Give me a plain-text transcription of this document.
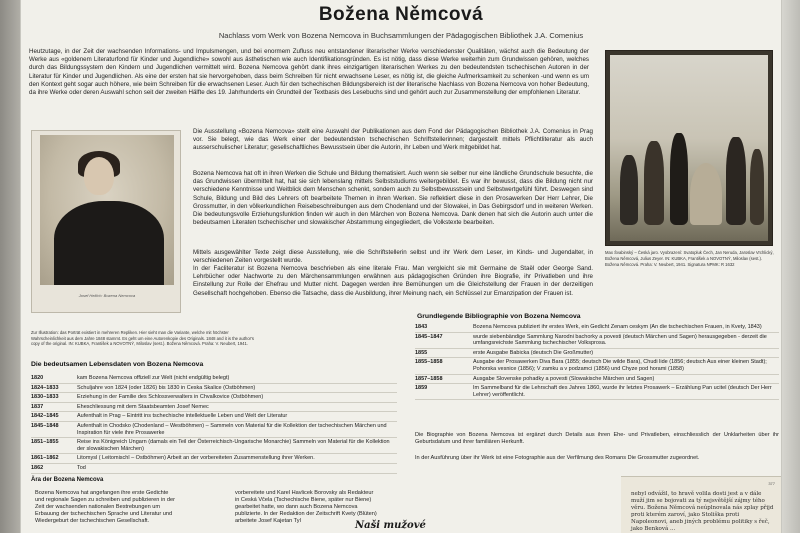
Božena Němcová
Nachlass vom Werk von Bozena Nemcova in Buchsammlungen der Pädagogischen Bibliothek J.A. Comenius
Heutzutage, in der Zeit der wachsenden Informations- und Impulsmengen, und bei enormem Zufluss neu entstandener literarischer Werke verschiedenster Qualitäten, wächst auch die Bedeutung der Werke aus «goldenem Literaturfond für Kinder und Jugendliche» sowohl aus ästhetischen wie auch Identifikationsgründen. Es ist nötig, dass diese Werke weiterhin zum Grundwissen gehören, welches durch das Bildungssystem den Kindern und Jugendlichen vermittelt wird. Bozena Nemcova gehört dank ihres einzigartigen literarischen Werkes zu den bedeutendsten tschechischen Autoren in der Literatur für Kinder und Jugendlichen. Als eine der ersten hat sie hervorgehoben, dass beim Schreiben für nicht erwachsene Leser, es nötig ist, die gleiche Aufmerksamkeit zu schenken -und wenn es um den Kontext geht sogar auch höhere, wie beim Schreiben für die erwachsenen Leser. Auch für den tschechischen Bildungsbereich ist der literarische Nachlass von Bozena Nemcova von hoher Bedeutung, da ihre Werke oder deren Auswahl schon seit der zweiten Hälfte des 19. Jahrhunderts ein Grundteil der Textbasis des Lesebuchs sind und gehört auch zur Zusammenstellung der empfohlenen Literatur.
Josef Hellich: Bozena Nemcova
Die Ausstellung «Bozena Nemcova» stellt eine Auswahl der Publikationen aus dem Fond der Pädagogischen Bibliothek J.A. Comenius in Prag vor. Sie belegt, wie das Werk einer der bedeutendsten tschechischen Schriftstellerinnen; dargestellt mittels Pflichtliteratur als auch ausserschulischer Literatur; gesellschaftliches Bewusstsein über die Autorin, ihr Leben und Werk mitgebildet hat.
Bozena Nemcova hat oft in ihren Werken die Schule und Bildung thematisiert. Auch wenn sie selber nur eine ländliche Grundschule besuchte, die das Grundwissen übermittelt hat, hat sie sich lebenslang mittels Selbststudiums weitergebildet. Es war ihr bewusst, dass die Bildung nicht nur verschiedene Kenntnisse und Weitblick dem Menschen schenkt, sondern auch zu Selbstbewusstsein und Selbstwertgefühl führt. Deswegen sind Schule, Bildung und Bild des Lehrers oft bearbeitete Themen in ihren Werken. Sie reflektiert diese in den Prosawerken Der Herr Lehrer, Die Grossmutter, in den völkerkundlichen Reisebeschreibungen aus dem Chodenland und der Slowakei, in Das Gebirgsdorf und in weiteren Werken. Die bedeutungsvolle Erziehungsfunktion finden wir auch in den Märchen von Bozena Nemcova. Dank denen hat sich die Autorin auch unter die bedeutsamen Literaten tschechischer und slowakischer Abstammung eingegliedert, die Volkstexte bearbeiten.
Mittels ausgewählter Texte zeigt diese Ausstellung, wie die Schriftstellerin selbst und ihr Werk dem Leser, im Kinds- und Jugendalter, in verschiedenen Zeiten vorgestellt wurde.
In der Facliteratur ist Bozena Nemcova beschrieben als eine literale Frau. Man vergleicht sie mit Germaine de Staël oder George Sand. Lehrbücher oder Nachworte zu den Märchensammlungen erwähnen aus pädagogischen Gründen ihre Biografie, ihr Privatleben und ihre Einstellung zur Rolle der Ehefrau und Mutter nicht. Dagegen werden ihre Bemühungen um die Gleichstellung der Frauen in der derzeitigen Gesellschaft hochgehoben. Ebenso die Tatsache, dass die Ausbildung, ihrer Meinung nach, ein Schlüssel zur Emanzipation der Frauen ist.
Max Švabinský – Česká jaro. Vyobrazení: Svatopluk Čech, Jan Neruda, Jaroslav Vrchlický, Božena Němcová, Julius Zeyer. IN: KUBKA, František a NOVOTNÝ, Miloslav (sest.). Božena Němcová. Praha: V. Neubert, 1941. Signatura NPMK: R 1632
Zur Illustration: das Porträt existiert in mehreren Repliken. Hier sieht man die Variante, welche mit höchster Wahrscheinlichkeit aus dem Jahre 1848 stammt. Es geht um eine Autorenkopie des Originals. 1848 and it is the author's copy of the original. IN: KUBKA, František a NOVOTNÝ, Miloslav (sest.). Božena Němcová. Praha: V. Neubert, 1941.
Die bedeutsamen Lebensdaten von Bozena Nemcova
1820	kam Bozena Nemcova offiziell zur Welt (nicht endgültig belegt)
1824–1833	Schuljahre von 1824 (oder 1826) bis 1830 in Ceska Skalice (Ostböhmen)
1830–1833	Erziehung in der Familie des Schlossverwalters in Chvalkovice (Ostböhmen)
1837	Eheschliessung mit dem Staatsbeamten Josef Nemec
1842–1845	Aufenthalt in Prag – Eintritt ins tschechische intellektuelle Leben und Welt der Literatur
1845–1848	Aufenthalt in Chodsko (Chodenland – Westböhmen) – Sammeln von Material für die Kollektion der tschechischen Märchen und Inspiration für viele ihre Prosawerke
1851–1855	Reise ins Königreich Ungarn (damals ein Teil der Österreichisch-Ungarische Monarchie) Sammeln von Material für die Kollektion der slowakischen Märchen)
1861–1862	Litomysl ( Leitomischl – Ostböhmen) Arbeit an der vorbereiteten Zusammenstellung ihrer Werken.
1862	Tod
Grundlegende Bibliographie von Bozena Nemcova
1843	Bozena Nemcova publiziert ihr erstes Werk, ein Gedicht Zenam ceskym (An die tschechischen Frauen, in Kvety, 1843)
1845–1847	wurde siebenbändige Sammlung Narodni bachorky a povesti (deutsch Märchen und Sagen) herausgegeben - derzeit die umfangsreichste Sammlung tschechischer Volksprosa.
1855	erste Ausgabe Babicka (deutsch Die Großmutter)
1855–1858	Ausgabe der Prosawerken Diva Bara (1855; deutsch Die wilde Bara), Chudi lide (1856; deutsch Aus einer kleinen Stadt); Pohorska vesnice (1856); V zamku a v podzamci (1856) und Chyze pod horami (1858)
1857–1858	Ausgabe Slovenske pohadky a povesti (Slowakische Märchen und Sagen)
1859	Im Sammelband für die Lehrschaft des Jahres 1860, wurde ihr letztes Prosawerk – Erzählung Pan ucitel (deutsch Der Herr Lehrer) veröffentlicht.
Die Biographie von Bozena Nemcova ist ergänzt durch Details aus ihren Ehe- und Privatleben, einschliesslich der Unklarheiten über ihr Geburtsdatum und ihrer familiären Herkunft.
In der Ausführung über ihr Werk ist eine Fotographie aus der Verfilmung des Romans Die Grossmutter zugeordnet.
Ära der Bozena Nemcova
Bozena Nemcova hat angefangen ihre erste Gedichte und regionale Sagen zu schreiben und publizieren in der Zeit der wachsenden nationalen Bestrebungen um Erbauung der tschechischen Sprache und Literatur und Wiedergeburt der tschechischen Gesellschaft.
vorbereitete und Karel Havlicek Borovsky als Redakteur in Ceská Včela (Tschechische Biene, später nur Biene) gearbeitet hatte, wo dann auch Bozena Nemcova publizierte. In der Redaktion der Zeitschrift Kvety (Blüten) arbeitete Josef Kajetan Tyl	Naši mužové
377
nebyl odvážil, to hravě volila dosti jest a v dále muží jim se bojovati za tý nejsvětější zájmy tého věru. Božena Němcová neúplnovala nás zplay přijd proti kterém zaroví, jako Stoliška proti Napoleonovi, aneb jiných problému politiky s řeč, jako Benková ...
